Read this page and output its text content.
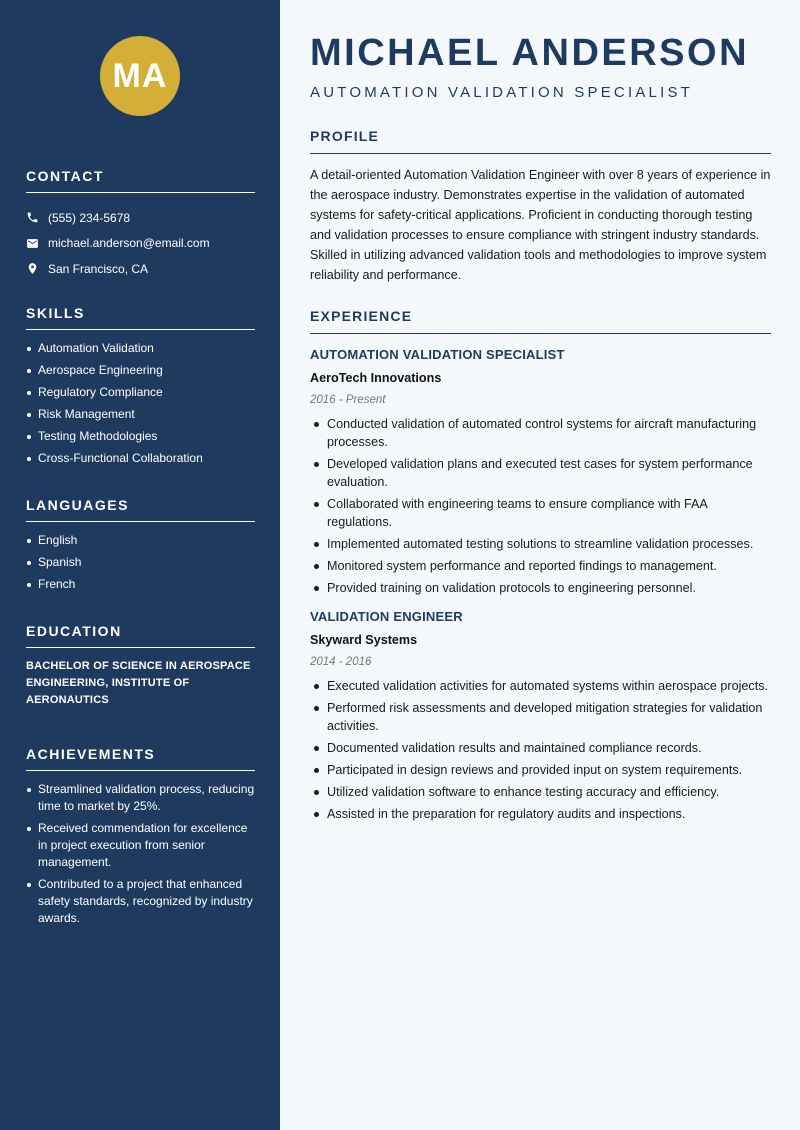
MA
CONTACT
(555) 234-5678
michael.anderson@email.com
San Francisco, CA
SKILLS
Automation Validation
Aerospace Engineering
Regulatory Compliance
Risk Management
Testing Methodologies
Cross-Functional Collaboration
LANGUAGES
English
Spanish
French
EDUCATION

BACHELOR OF SCIENCE IN AEROSPACE ENGINEERING, INSTITUTE OF AERONAUTICS

ACHIEVEMENTS
Streamlined validation process, reducing time to market by 25%.
Received commendation for excellence in project execution from senior management.
Contributed to a project that enhanced safety standards, recognized by industry awards.
MICHAEL ANDERSON
AUTOMATION VALIDATION SPECIALIST
PROFILE

A detail-oriented Automation Validation Engineer with over 8 years of experience in the aerospace industry. Demonstrates expertise in the validation of automated systems for safety-critical applications. Proficient in conducting thorough testing and validation processes to ensure compliance with stringent industry standards. Skilled in utilizing advanced validation tools and methodologies to improve system reliability and performance.

EXPERIENCE
AUTOMATION VALIDATION SPECIALIST
AeroTech Innovations
2016 - Present
Conducted validation of automated control systems for aircraft manufacturing processes.
Developed validation plans and executed test cases for system performance evaluation.
Collaborated with engineering teams to ensure compliance with FAA regulations.
Implemented automated testing solutions to streamline validation processes.
Monitored system performance and reported findings to management.
Provided training on validation protocols to engineering personnel.
VALIDATION ENGINEER
Skyward Systems
2014 - 2016
Executed validation activities for automated systems within aerospace projects.
Performed risk assessments and developed mitigation strategies for validation activities.
Documented validation results and maintained compliance records.
Participated in design reviews and provided input on system requirements.
Utilized validation software to enhance testing accuracy and efficiency.
Assisted in the preparation for regulatory audits and inspections.
